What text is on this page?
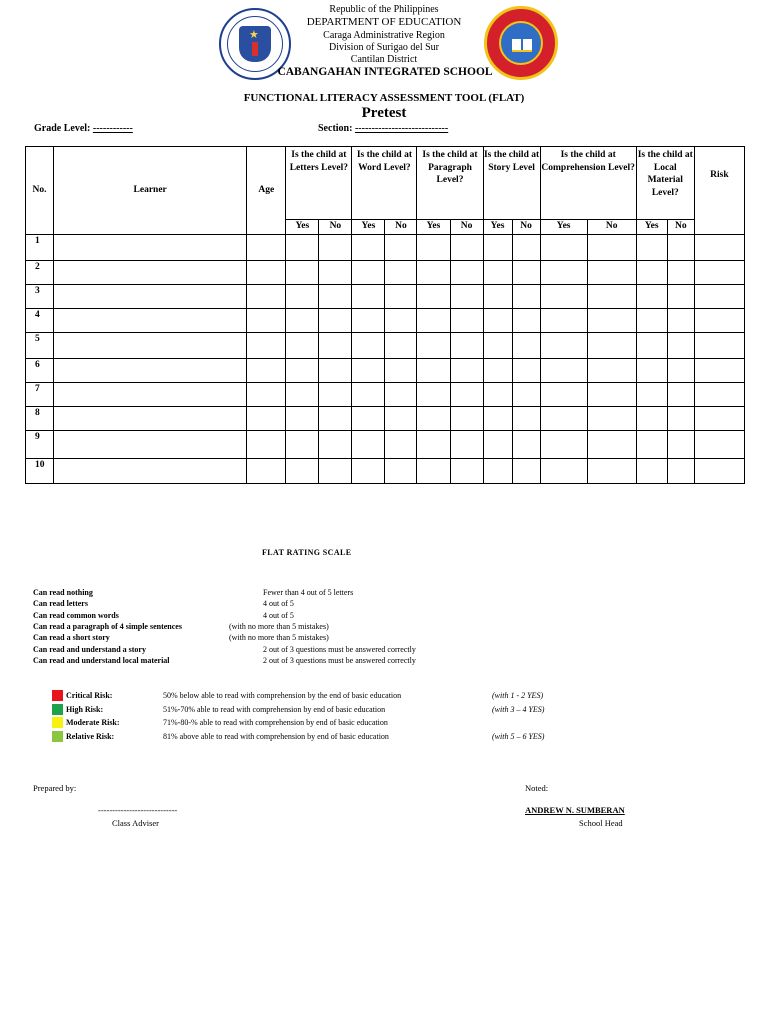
★
Republic of the Philippines
DEPARTMENT OF EDUCATION
Caraga Administrative Region
Division of Surigao del Sur
Cantilan District
CABANGAHAN INTEGRATED SCHOOL
FUNCTIONAL LITERACY ASSESSMENT TOOL (FLAT)
Pretest
Grade Level: ------------	Section: ----------------------------
No.	Learner	Age	Is the child at Letters Level?		Is the child at Word Level?		Is the child at Paragraph Level?		Is the child at Story Level		Is the child at Comprehension Level?		Is the child at Local Material Level?		Risk
			Yes	No	Yes	No	Yes	No	Yes	No	Yes	No	Yes	No	
1															
2															
3															
4															
5															
6															
7															
8															
9															
10															
FLAT RATING SCALE
Can read nothing	Fewer than 4 out of 5 letters
Can read letters	4 out of 5
Can read common words	4 out of 5
Can read a paragraph of 4 simple sentences	(with no more than 5 mistakes)
Can read a short story	(with no more than 5 mistakes)
Can read and understand a story	2 out of 3 questions must be answered correctly
Can read and understand local material	2 out of 3 questions must be answered correctly
Critical Risk:	50% below able to read with comprehension by the end of basic education	(with 1 - 2 YES)
High Risk:	51%-70% able to read with comprehension by end of basic education	(with 3 – 4 YES)
Moderate Risk:	71%-80-% able to read with comprehension by end of basic education
Relative Risk:	81% above able to read with comprehension by end of basic education	(with 5 – 6 YES)
Prepared by:
----------------------------
Class Adviser
Noted:
ANDREW N. SUMBERAN
School Head
